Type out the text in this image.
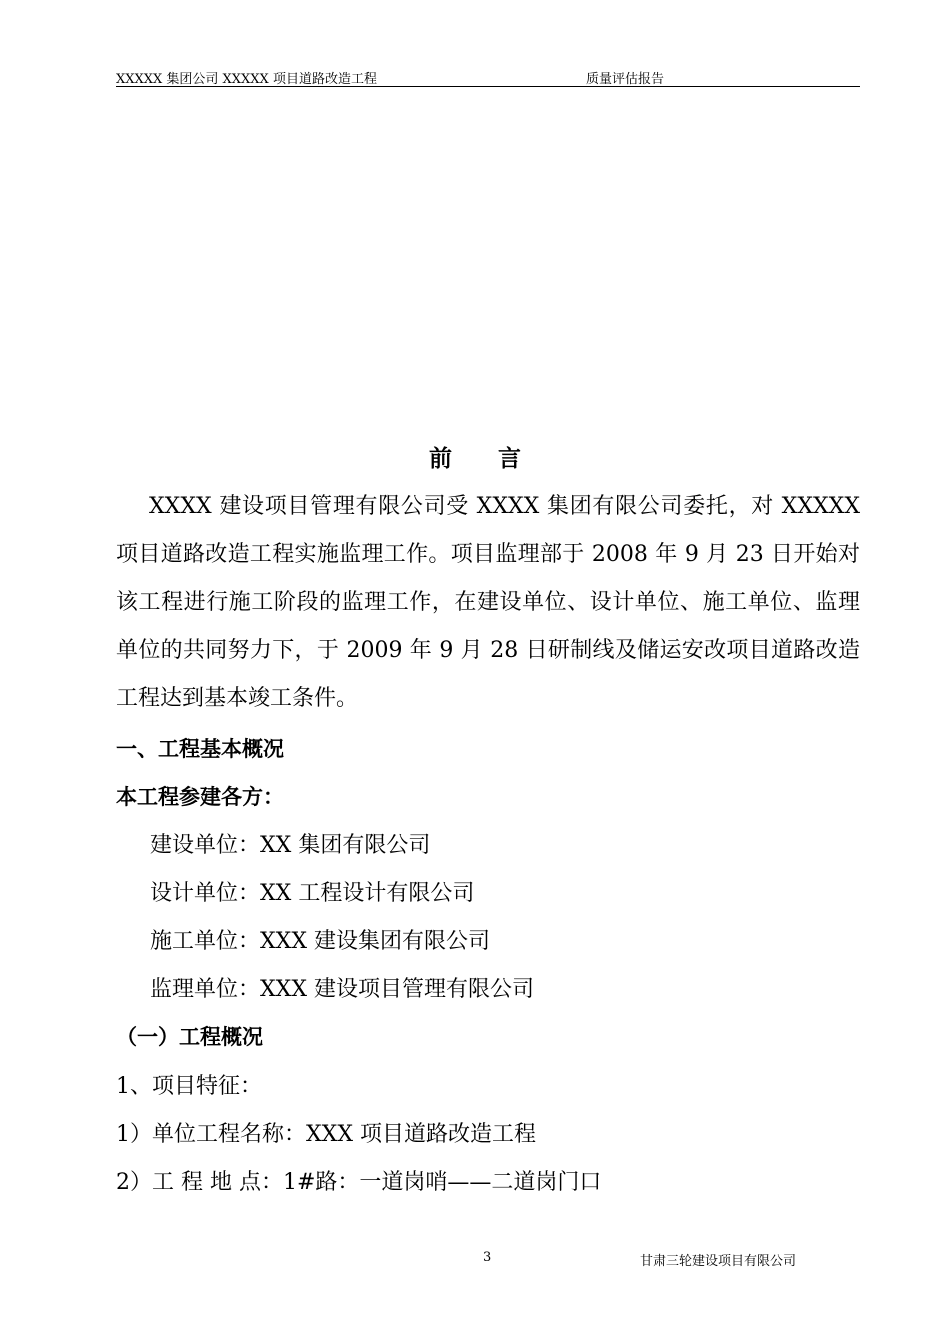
XXXXX 集团公司 XXXXX 项目道路改造工程	质量评估报告
前言
XXXX 建设项目管理有限公司受 XXXX 集团有限公司委托，对 XXXXX 项目道路改造工程实施监理工作。项目监理部于 2008 年 9 月 23 日开始对该工程进行施工阶段的监理工作，在建设单位、设计单位、施工单位、监理单位的共同努力下，于 2009 年 9 月 28 日研制线及储运安改项目道路改造工程达到基本竣工条件。
一、工程基本概况
本工程参建各方：
建设单位：XX 集团有限公司
设计单位：XX 工程设计有限公司
施工单位：XXX 建设集团有限公司
监理单位：XXX 建设项目管理有限公司
（一）工程概况
1、项目特征：
1）单位工程名称：XXX 项目道路改造工程
2）工 程 地 点：1#路：一道岗哨——二道岗门口
3	甘肃三轮建设项目有限公司
